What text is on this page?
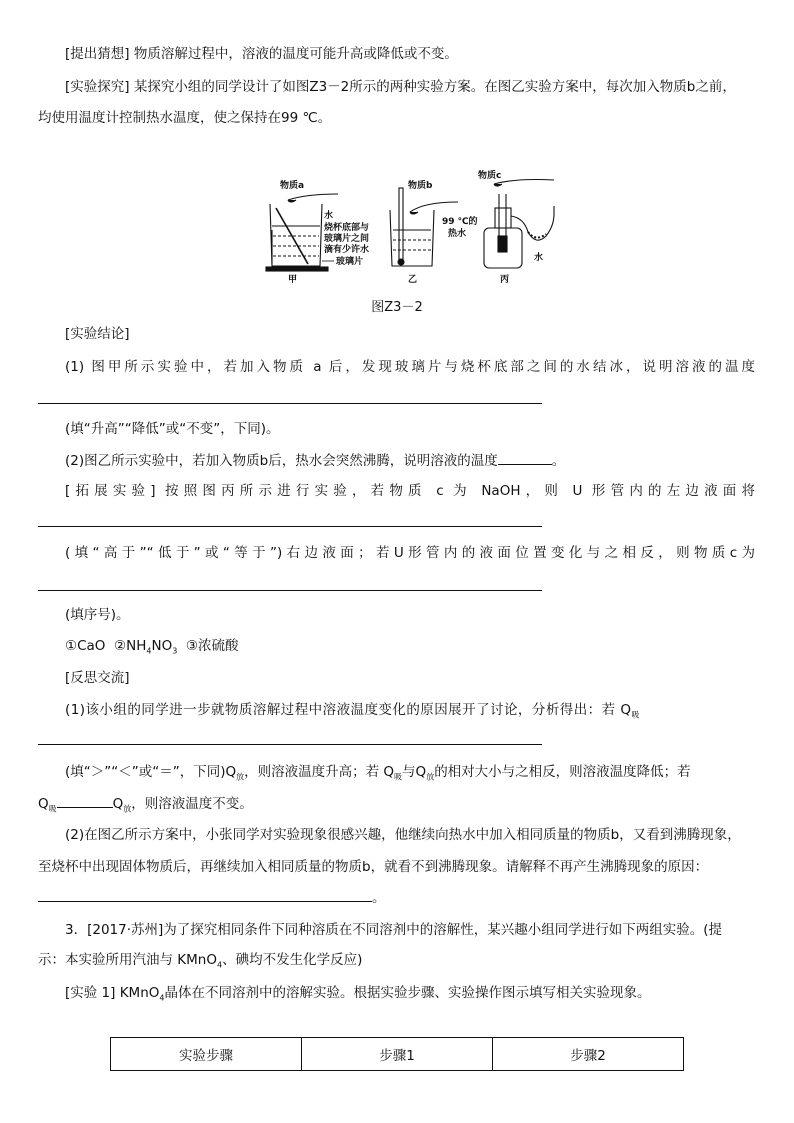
[提出猜想] 物质溶解过程中，溶液的温度可能升高或降低或不变。
[实验探究] 某探究小组的同学设计了如图Z3－2所示的两种实验方案。在图乙实验方案中，每次加入物质b之前，
均使用温度计控制热水温度，使之保持在99 ℃。
物质a
水
烧杯底部与
玻璃片之间
滴有少许水
玻璃片
物质b
99 ℃的
热水
物质c
水
甲	乙	丙
图Z3－2
[实验结论]
(1) 图甲所示实验中，若加入物质 a 后，发现玻璃片与烧杯底部之间的水结冰，说明溶液的温度
(填“升高”“降低”或“不变”，下同)。
(2)图乙所示实验中，若加入物质b后，热水会突然沸腾，说明溶液的温度	。
[拓展实验] 按照图丙所示进行实验，若物质 c 为 NaOH，则 U 形管内的左边液面将
(填“高于”“低于”或“等于”)右边液面；若U形管内的液面位置变化与之相反，则物质c为
(填序号)。
①CaO $②NH_4NO_3$ ③浓硫酸
[反思交流]
(1)该小组的同学进一步就物质溶解过程中溶液温度变化的原因展开了讨论，分析得出：若 $Q_吸$
(填“＞”“＜”或“＝”，下同)$Q_放$，则溶液温度升高；若 $Q_吸$与$Q_放$的相对大小与之相反，则溶液温度降低；若
$Q_吸$	$Q_放$，则溶液温度不变。
(2)在图乙所示方案中，小张同学对实验现象很感兴趣，他继续向热水中加入相同质量的物质b，又看到沸腾现象，
至烧杯中出现固体物质后，再继续加入相同质量的物质b，就看不到沸腾现象。请解释不再产生沸腾现象的原因：
。
3．[2017·苏州]为了探究相同条件下同种溶质在不同溶剂中的溶解性，某兴趣小组同学进行如下两组实验。(提
示：本实验所用汽油与 KMnO$_4$、碘均不发生化学反应)
[实验 1] KMnO$_4$晶体在不同溶剂中的溶解实验。根据实验步骤、实验操作图示填写相关实验现象。
实验步骤	步骤1	步骤2
